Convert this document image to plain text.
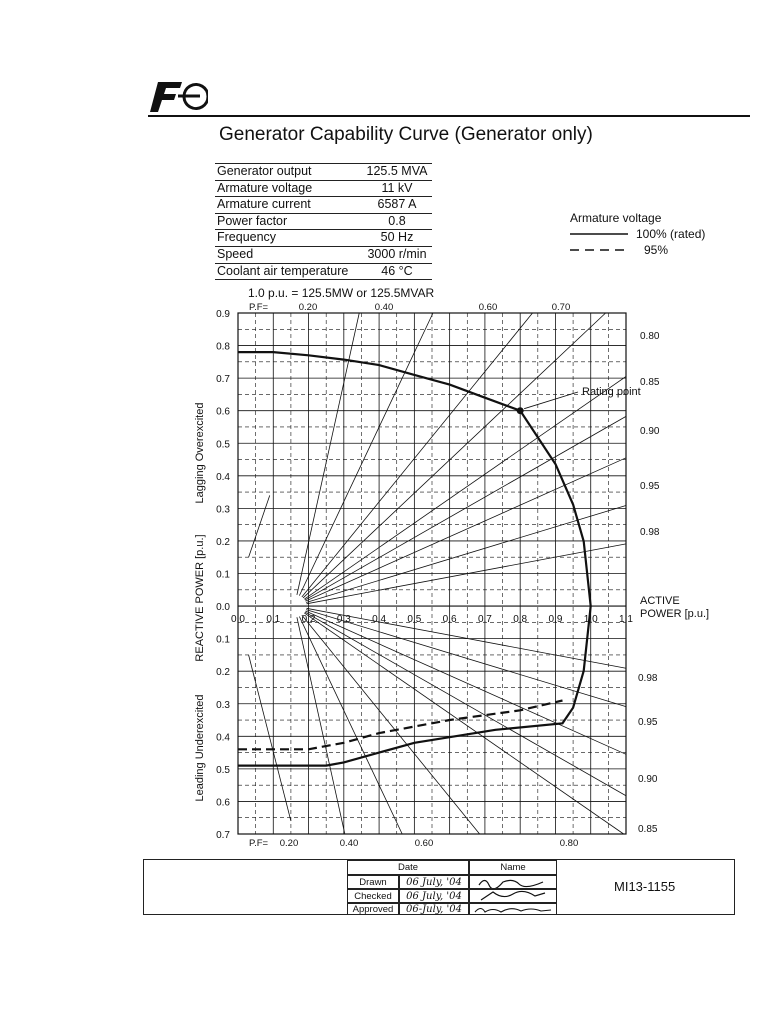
Generator Capability Curve (Generator only)
Generator output	125.5 MVA
Armature voltage	11 kV
Armature current	6587 A
Power factor	0.8
Frequency	50 Hz
Speed	3000 r/min
Coolant air temperature	46 °C
Rating point
0.0 0.1 0.2 0.3 0.4 0.5 0.6 0.7 0.8 0.9 1.0 1.1
0.9
0.8
0.7
0.6
0.5
0.4
0.3
0.2
0.1
0.0
0.1
0.2
0.3
0.4
0.5
0.6
0.7
1.0 p.u. = 125.5MW or 125.5MVAR
P.F=	0.20	0.40	0.60	0.70
P.F= 0.20	0.40	0.60	0.80
0.80
0.85
0.90
0.95
0.98
0.98
0.95
0.90
0.85
ACTIVE
POWER [p.u.]
REACTIVE POWER [p.u.]
Lagging Overexcited
Leading Underexcited
Armature voltage
100% (rated)
95%
Date	Name
Drawn	06 July, '04
Checked	06 July, '04
Approved	06-July, '04
MI13-1155
